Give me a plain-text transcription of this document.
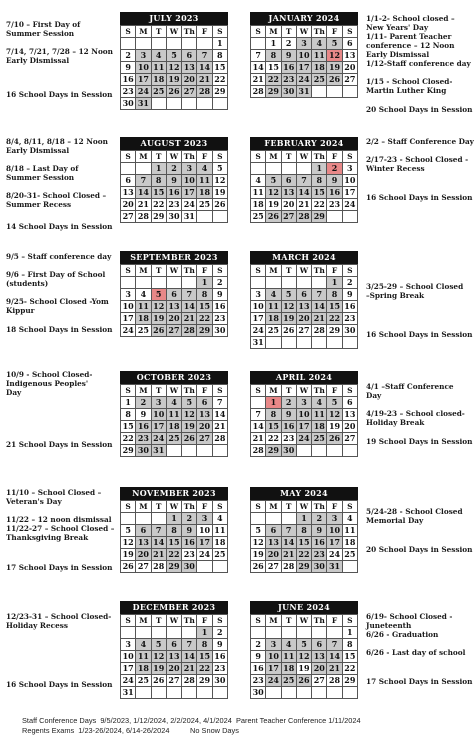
7/10 – First Day of
Summer Session
7/14, 7/21, 7/28 – 12 Noon
Early Dismissal
16 School Days in Session
8/4, 8/11, 8/18 – 12 Noon
Early Dismissal
8/18 – Last Day of
Summer Session
8/20-31- School Closed –
Summer Recess
14 School Days in Session
9/5 – Staff conference day
9/6 – First Day of School
(students)
9/25- School Closed -Yom
Kippur
18 School Days in Session
10/9 - School Closed-
Indigenous Peoples'
Day
21 School Days in Session
11/10 – School Closed –
Veteran's Day
11/22 – 12 noon dismissal
11/22-27 – School Closed –
Thanksgiving Break
17 School Days in Session
12/23-31 – School Closed-
Holiday Recess
16 School Days in Session
1/1-2- School closed –
New Years' Day
1/11- Parent Teacher
conference – 12 Noon
Early Dismissal
1/12-Staff conference day
1/15 - School Closed-
Martin Luther King
20 School Days in Session
2/2 – Staff Conference Day
2/17-23 - School Closed -
Winter Recess
16 School Days in Session
3/25-29 – School Closed
–Spring Break
16 School Days in Session
4/1 –Staff Conference
Day
4/19-23 – School closed-
Holiday Break
19 School Days in Session
5/24-28 - School Closed
Memorial Day
20 School Days in Session
6/19- School Closed -
Juneteenth
6/26 - Graduation
6/26 - Last day of school
17 School Days in Session
JULY 2023
S	M	T	W	Th	F	S
						1
2	3	4	5	6	7	8
9	10	11	12	13	14	15
16	17	18	19	20	21	22
23	24	25	26	27	28	29
30	31					
JANUARY 2024
S	M	T	W	Th	F	S
	1	2	3	4	5	6
7	8	9	10	11	12	13
14	15	16	17	18	19	20
21	22	23	24	25	26	27
28	29	30	31			
AUGUST 2023
S	M	T	W	Th	F	S
		1	2	3	4	5
6	7	8	9	10	11	12
13	14	15	16	17	18	19
20	21	22	23	24	25	26
27	28	29	30	31		
FEBRUARY 2024
S	M	T	W	Th	F	S
				1	2	3
4	5	6	7	8	9	10
11	12	13	14	15	16	17
18	19	20	21	22	23	24
25	26	27	28	29		
SEPTEMBER 2023
S	M	T	W	Th	F	S
					1	2
3	4	5	6	7	8	9
10	11	12	13	14	15	16
17	18	19	20	21	22	23
24	25	26	27	28	29	30
MARCH 2024
S	M	T	W	Th	F	S
					1	2
3	4	5	6	7	8	9
10	11	12	13	14	15	16
17	18	19	20	21	22	23
24	25	26	27	28	29	30
31						
OCTOBER 2023
S	M	T	W	Th	F	S
1	2	3	4	5	6	7
8	9	10	11	12	13	14
15	16	17	18	19	20	21
22	23	24	25	26	27	28
29	30	31				
APRIL 2024
S	M	T	W	Th	F	S
	1	2	3	4	5	6
7	8	9	10	11	12	13
14	15	16	17	18	19	20
21	22	23	24	25	26	27
28	29	30				
NOVEMBER 2023
S	M	T	W	Th	F	S
			1	2	3	4
5	6	7	8	9	10	11
12	13	14	15	16	17	18
19	20	21	22	23	24	25
26	27	28	29	30		
MAY 2024
S	M	T	W	Th	F	S
			1	2	3	4
5	6	7	8	9	10	11
12	13	14	15	16	17	18
19	20	21	22	23	24	25
26	27	28	29	30	31	
DECEMBER 2023
S	M	T	W	Th	F	S
					1	2
3	4	5	6	7	8	9
10	11	12	13	14	15	16
17	18	19	20	21	22	23
24	25	26	27	28	29	30
31						
JUNE 2024
S	M	T	W	Th	F	S
						1
2	3	4	5	6	7	8
9	10	11	12	13	14	15
16	17	18	19	20	21	22
23	24	25	26	27	28	29
30						
Staff Conference Days  9/5/2023, 1/12/2024, 2/2/2024, 4/1/2024  Parent Teacher Conference 1/11/2024
Regents Exams  1/23-26/2024, 6/14-26/2024          No Snow Days
